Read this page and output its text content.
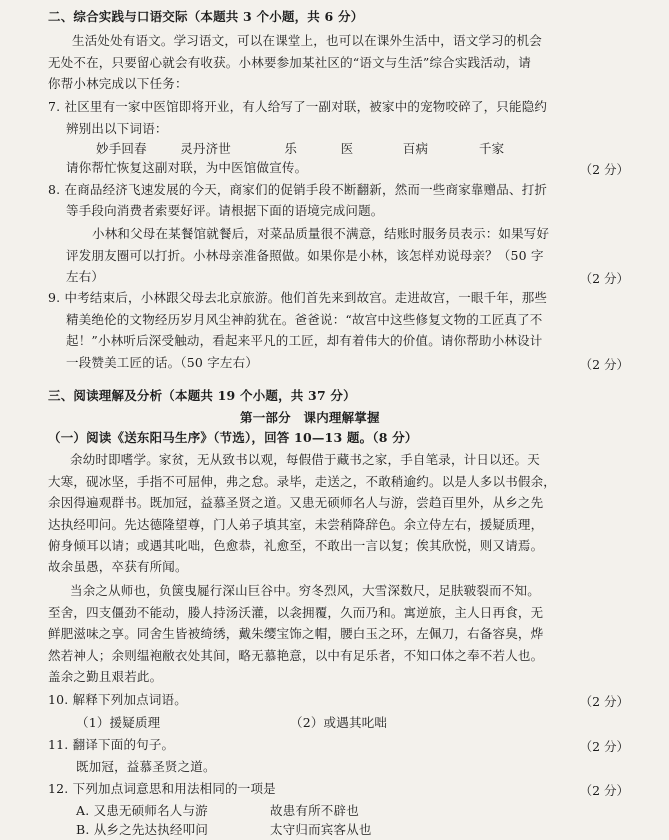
二、综合实践与口语交际（本题共 3 个小题，共 6 分）
生活处处有语文。学习语文，可以在课堂上，也可以在课外生活中，语文学习的机会
无处不在，只要留心就会有收获。小林要参加某社区的“语文与生活”综合实践活动，请
你帮小林完成以下任务：
7. 社区里有一家中医馆即将开业，有人给写了一副对联，被家中的宠物咬碎了，只能隐约
辨别出以下词语：
妙手回春	灵丹济世	乐	医	百病	千家
请你帮忙恢复这副对联，为中医馆做宣传。	（2 分）
8. 在商品经济飞速发展的今天，商家们的促销手段不断翻新，然而一些商家靠赠品、打折
等手段向消费者索要好评。请根据下面的语境完成问题。
小林和父母在某餐馆就餐后，对菜品质量很不满意，结账时服务员表示：如果写好
评发朋友圈可以打折。小林母亲准备照做。如果你是小林，该怎样劝说母亲？（50 字
左右）	（2 分）
9. 中考结束后，小林跟父母去北京旅游。他们首先来到故宫。走进故宫，一眼千年，那些
精美绝伦的文物经历岁月风尘神韵犹在。爸爸说：“故宫中这些修复文物的工匠真了不
起！”小林听后深受触动，看起来平凡的工匠，却有着伟大的价值。请你帮助小林设计
一段赞美工匠的话。（50 字左右）	（2 分）
三、阅读理解及分析（本题共 19 个小题，共 37 分）
第一部分　课内理解掌握
（一）阅读《送东阳马生序》（节选），回答 10—13 题。（8 分）
余幼时即嗜学。家贫，无从致书以观，每假借于藏书之家，手自笔录，计日以还。天
大寒，砚冰坚，手指不可屈伸，弗之怠。录毕，走送之，不敢稍逾约。以是人多以书假余，
余因得遍观群书。既加冠，益慕圣贤之道。又患无硕师名人与游，尝趋百里外，从乡之先
达执经叩问。先达德隆望尊，门人弟子填其室，未尝稍降辞色。余立侍左右，援疑质理，
俯身倾耳以请；或遇其叱咄，色愈恭，礼愈至，不敢出一言以复；俟其欣悦，则又请焉。
故余虽愚，卒获有所闻。
当余之从师也，负箧曳屣行深山巨谷中。穷冬烈风，大雪深数尺，足肤皲裂而不知。
至舍，四支僵劲不能动，媵人持汤沃灌，以衾拥覆，久而乃和。寓逆旅，主人日再食，无
鲜肥滋味之享。同舍生皆被绮绣，戴朱缨宝饰之帽，腰白玉之环，左佩刀，右备容臭，烨
然若神人；余则缊袍敝衣处其间，略无慕艳意，以中有足乐者，不知口体之奉不若人也。
盖余之勤且艰若此。
10. 解释下列加点词语。	（2 分）
（1）援疑质理	（2）或遇其叱咄
11. 翻译下面的句子。	（2 分）
既加冠，益慕圣贤之道。
12. 下列加点词意思和用法相同的一项是	（2 分）
A. 又患无硕师名人与游	故患有所不辟也
B. 从乡之先达执经叩问	太守归而宾客从也
